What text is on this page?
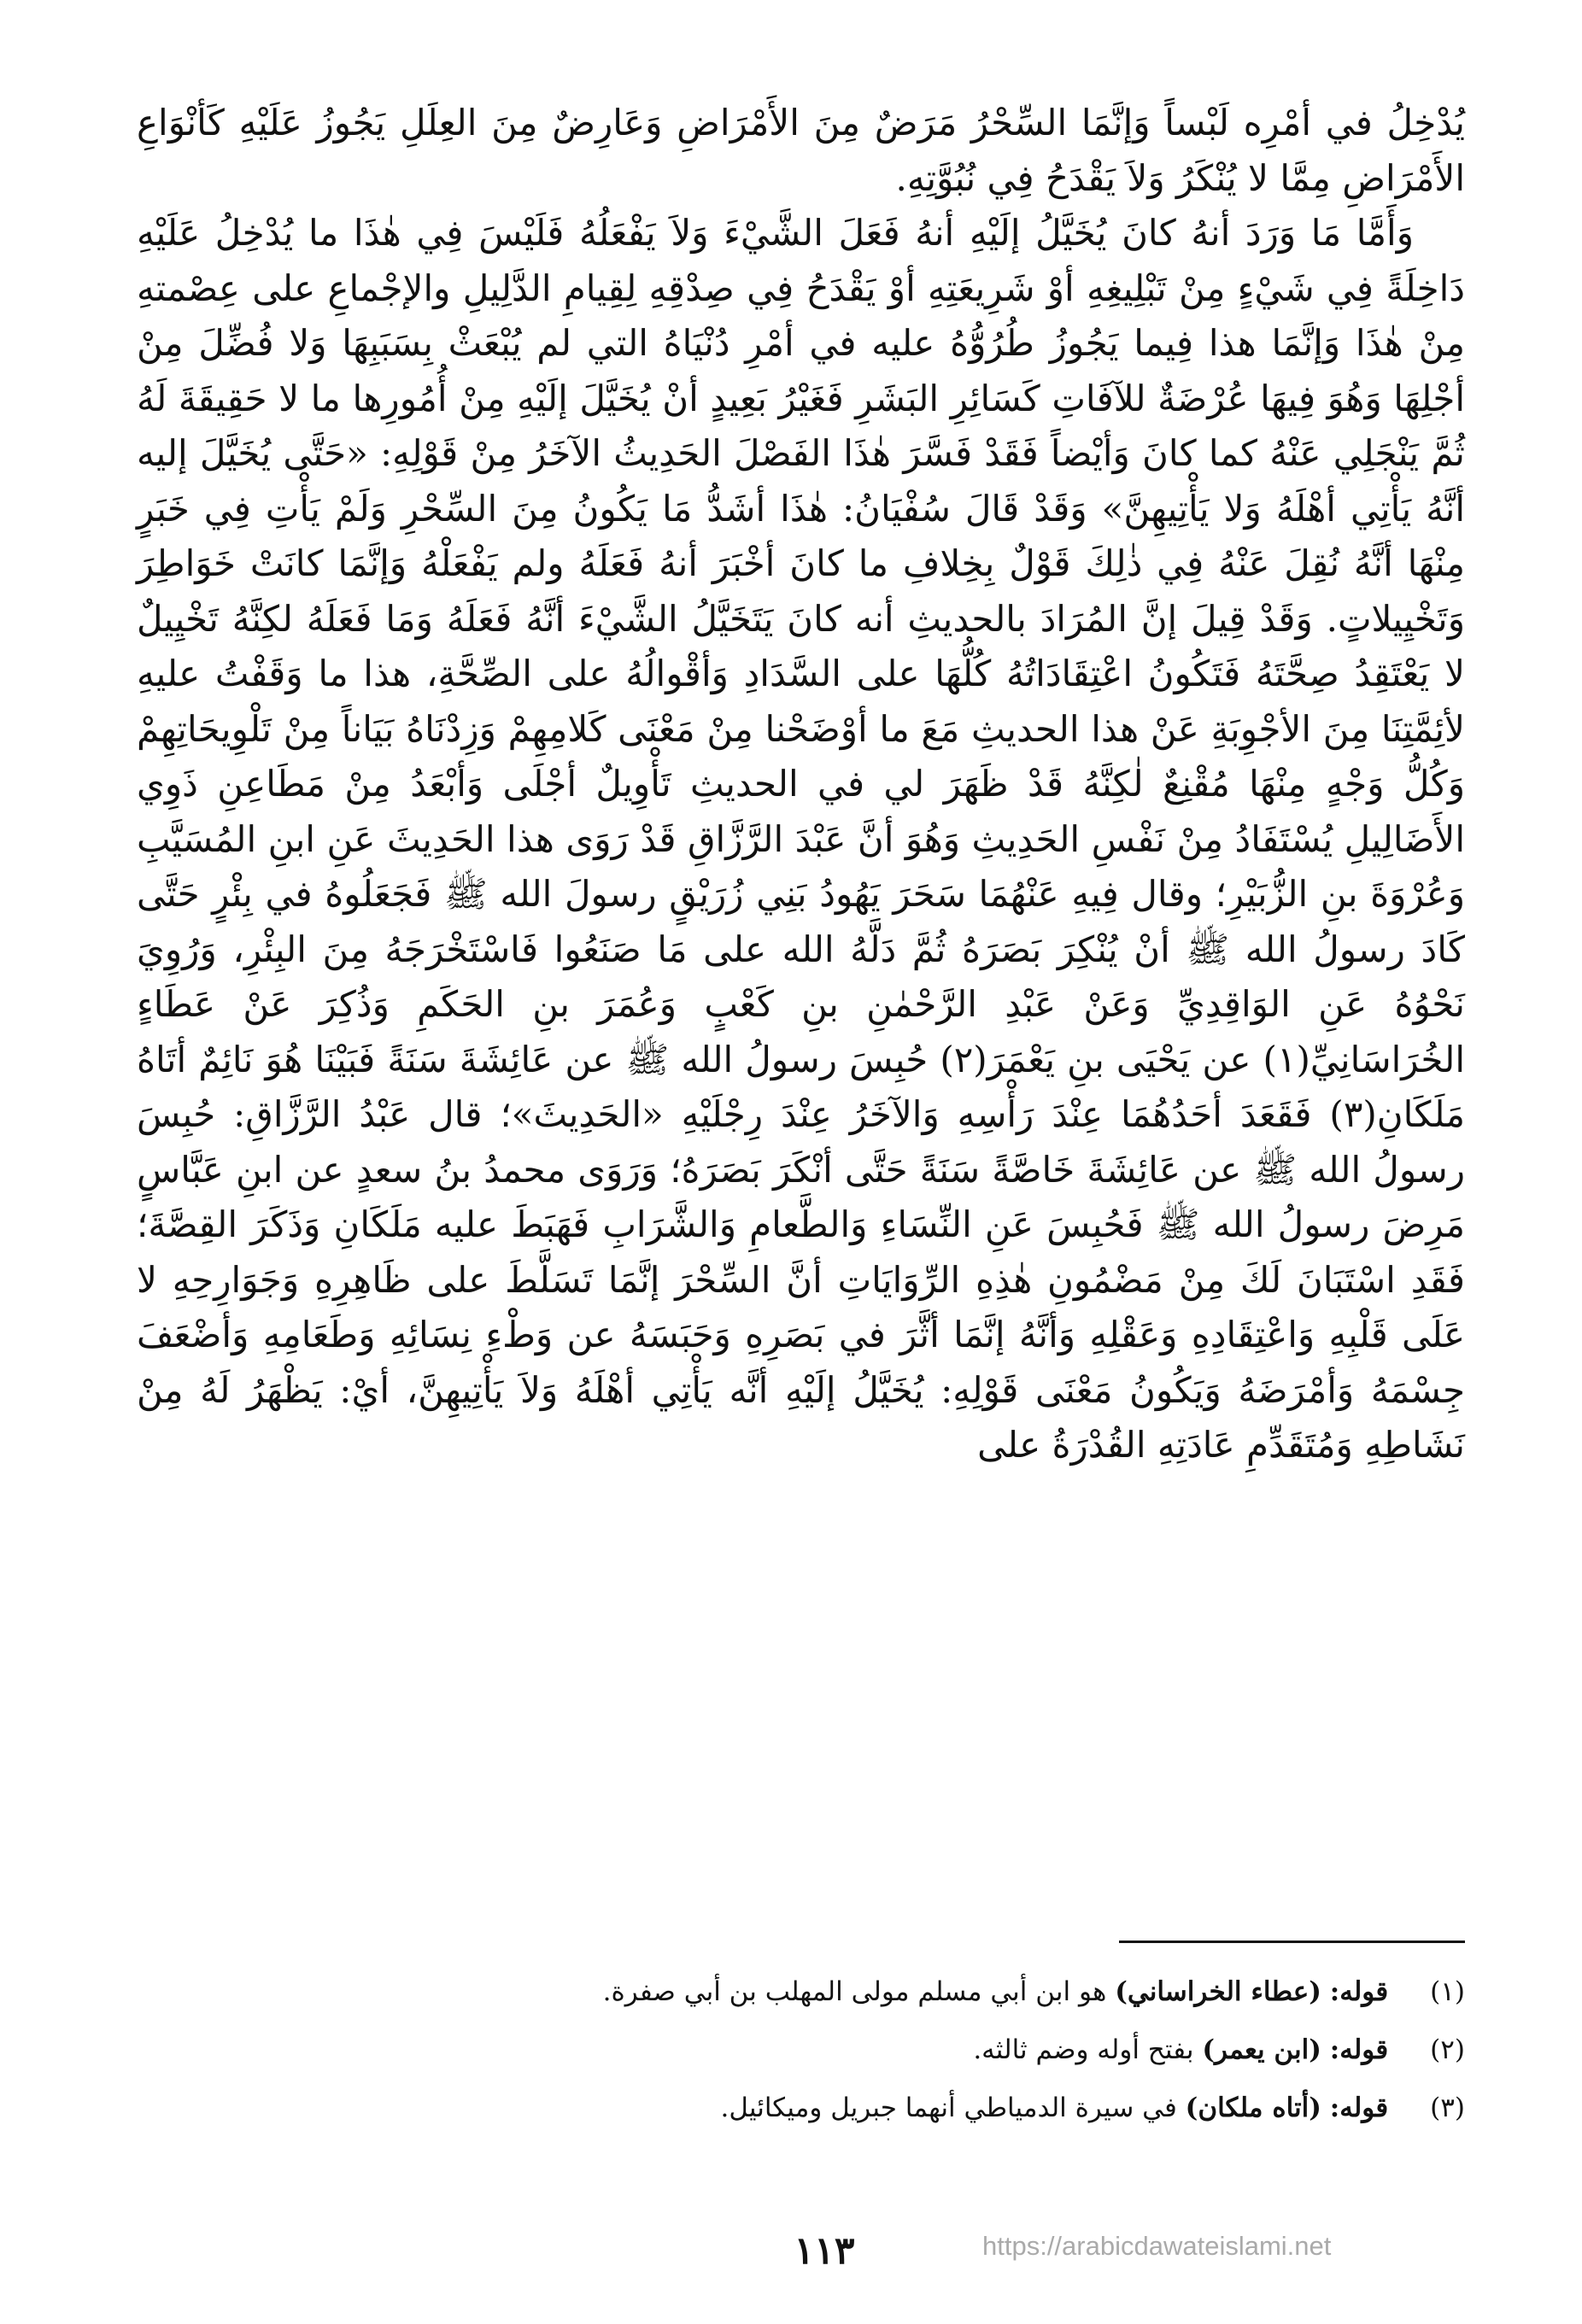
يُدْخِلُ في أمْرِه لَبْساً وَإنَّمَا السِّحْرُ مَرَضٌ مِنَ الأَمْرَاضِ وَعَارِضٌ مِنَ العِلَلِ يَجُوزُ عَلَيْهِ كَأنْوَاعِ الأَمْرَاضِ مِمَّا لا يُنْكَرُ وَلاَ يَقْدَحُ فِي نُبُوَّتِهِ.

وَأَمَّا مَا وَرَدَ أنهُ كانَ يُخَيَّلُ إلَيْهِ أنهُ فَعَلَ الشَّيْءَ وَلاَ يَفْعَلُهُ فَلَيْسَ فِي هٰذَا ما يُدْخِلُ عَلَيْهِ دَاخِلَةً فِي شَيْءٍ مِنْ تَبْلِيغِهِ أوْ شَرِيعَتِهِ أوْ يَقْدَحُ فِي صِدْقِهِ لِقِيامِ الدَّلِيلِ والإجْماعِ على عِصْمتهِ مِنْ هٰذَا وَإنَّمَا هذا فِيما يَجُوزُ طُرُوُّهُ عليه في أمْرِ دُنْيَاهُ التي لم يُبْعَثْ بِسَبَبِهَا وَلا فُضِّلَ مِنْ أجْلِهَا وَهُوَ فِيهَا عُرْضَةٌ للآفَاتِ كَسَائِرِ البَشَرِ فَغَيْرُ بَعِيدٍ أنْ يُخَيَّلَ إلَيْهِ مِنْ أُمُورِها ما لا حَقِيقَةَ لَهُ ثُمَّ يَنْجَلِي عَنْهُ كما كانَ وَأيْضاً فَقَدْ فَسَّرَ هٰذَا الفَصْلَ الحَدِيثُ الآخَرُ مِنْ قَوْلِهِ: «حَتَّى يُخَيَّلَ إليه أنَّهُ يَأْتِي أهْلَهُ وَلا يَأْتِيهِنَّ» وَقَدْ قَالَ سُفْيَانُ: هٰذَا أشَدُّ مَا يَكُونُ مِنَ السِّحْرِ وَلَمْ يَأْتِ فِي خَبَرٍ مِنْهَا أنَّهُ نُقِلَ عَنْهُ فِي ذٰلِكَ قَوْلٌ بِخِلافِ ما كانَ أخْبَرَ أنهُ فَعَلَهُ ولم يَفْعَلْهُ وَإنَّمَا كانَتْ خَوَاطِرَ وَتَخْيِيلاتٍ. وَقَدْ قِيلَ إنَّ المُرَادَ بالحديثِ أنه كانَ يَتَخَيَّلُ الشَّيْءَ أنَّهُ فَعَلَهُ وَمَا فَعَلَهُ لكِنَّهُ تَخْيِيلٌ لا يَعْتَقِدُ صِحَّتَهُ فَتَكُونُ اعْتِقَادَاتُهُ كُلُّهَا على السَّدَادِ وَأقْوالُهُ على الصِّحَّةِ، هذا ما وَقَفْتُ عليهِ لأئِمَّتِنَا مِنَ الأجْوِبَةِ عَنْ هذا الحديثِ مَعَ ما أوْضَحْنا مِنْ مَعْنَى كَلامِهِمْ وَزِدْنَاهُ بَيَاناً مِنْ تَلْوِيحَاتِهِمْ وَكُلُّ وَجْهٍ مِنْهَا مُقْنِعٌ لٰكِنَّهُ قَدْ ظَهَرَ لي في الحديثِ تَأْوِيلٌ أجْلَى وَأبْعَدُ مِنْ مَطَاعِنِ ذَوِي الأَضَالِيلِ يُسْتَفَادُ مِنْ نَفْسِ الحَدِيثِ وَهُوَ أنَّ عَبْدَ الرَّزَّاقِ قَدْ رَوَى هذا الحَدِيثَ عَنِ ابنِ المُسَيَّبِ وَعُرْوَةَ بنِ الزُّبَيْرِ؛ وقال فِيهِ عَنْهُمَا سَحَرَ يَهُودُ بَنِي زُرَيْقٍ رسولَ الله ﷺ فَجَعَلُوهُ في بِئْرٍ حَتَّى كَادَ رسولُ الله ﷺ أنْ يُنْكِرَ بَصَرَهُ ثُمَّ دَلَّهُ الله على مَا صَنَعُوا فَاسْتَخْرَجَهُ مِنَ البِئْرِ، وَرُوِيَ نَحْوُهُ عَنِ الوَاقِدِيِّ وَعَنْ عَبْدِ الرَّحْمٰنِ بنِ كَعْبٍ وَعُمَرَ بنِ الحَكَمِ وَذُكِرَ عَنْ عَطَاءٍ الخُرَاسَانِيِّ(١) عن يَحْيَى بنِ يَعْمَرَ(٢) حُبِسَ رسولُ الله ﷺ عن عَائِشَةَ سَنَةً فَبَيْنَا هُوَ نَائِمٌ أتَاهُ مَلَكَانِ(٣) فَقَعَدَ أحَدُهُمَا عِنْدَ رَأْسِهِ وَالآخَرُ عِنْدَ رِجْلَيْهِ «الحَدِيثَ»؛ قال عَبْدُ الرَّزَّاقِ: حُبِسَ رسولُ الله ﷺ عن عَائِشَةَ خَاصَّةً سَنَةً حَتَّى أنْكَرَ بَصَرَهُ؛ وَرَوَى محمدُ بنُ سعدٍ عن ابنِ عَبَّاسٍ مَرِضَ رسولُ الله ﷺ فَحُبِسَ عَنِ النِّسَاءِ وَالطَّعامِ وَالشَّرَابِ فَهَبَطَ عليه مَلَكَانِ وَذَكَرَ القِصَّةَ؛ فَقَدِ اسْتَبَانَ لَكَ مِنْ مَضْمُونِ هٰذِهِ الرِّوَايَاتِ أنَّ السِّحْرَ إنَّمَا تَسَلَّطَ على ظَاهِرِهِ وَجَوَارِحِهِ لا عَلَى قَلْبِهِ وَاعْتِقَادِهِ وَعَقْلِهِ وَأنَّهُ إنَّمَا أثَّرَ في بَصَرِهِ وَحَبَسَهُ عن وَطْءِ نِسَائِهِ وَطَعَامِهِ وَأضْعَفَ جِسْمَهُ وَأمْرَضَهُ وَيَكُونُ مَعْنَى قَوْلِهِ: يُخَيَّلُ إلَيْهِ أنَّه يَأْتِي أهْلَهُ وَلاَ يَأْتِيهِنَّ، أيْ: يَظْهَرُ لَهُ مِنْ نَشَاطِهِ وَمُتَقَدِّمِ عَادَتِهِ القُدْرَةُ على

(١)
قوله: (عطاء الخراساني) هو ابن أبي مسلم مولى المهلب بن أبي صفرة.
(٢)
قوله: (ابن يعمر) بفتح أوله وضم ثالثه.
(٣)
قوله: (أتاه ملكان) في سيرة الدمياطي أنهما جبريل وميكائيل.
١١٣	https://arabicdawateislami.net
